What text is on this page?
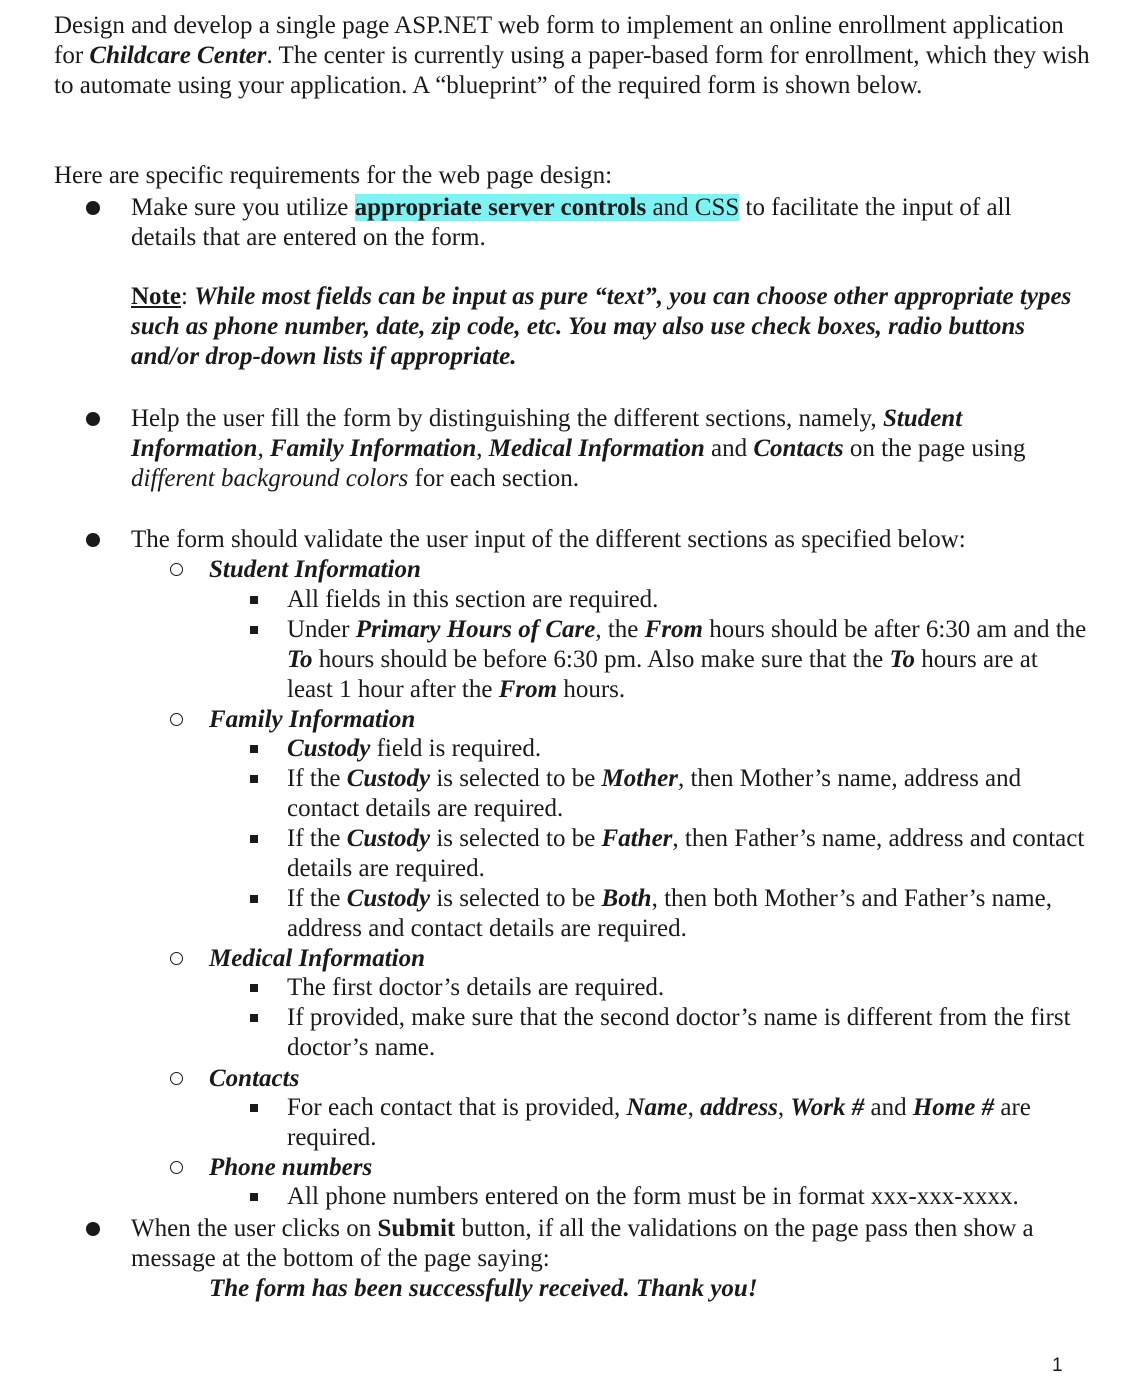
Design and develop a single page ASP.NET web form to implement an online enrollment application for Childcare Center. The center is currently using a paper-based form for enrollment, which they wish to automate using your application. A “blueprint” of the required form is shown below.

Here are specific requirements for the web page design:

Make sure you utilize appropriate server controls and CSS to facilitate the input of all details that are entered on the form.

Note: While most fields can be input as pure “text”, you can choose other appropriate types such as phone number, date, zip code, etc. You may also use check boxes, radio buttons and/or drop-down lists if appropriate.

Help the user fill the form by distinguishing the different sections, namely, Student Information, Family Information, Medical Information and Contacts on the page using different background colors for each section.

The form should validate the user input of the different sections as specified below:

Student Information

All fields in this section are required.

Under Primary Hours of Care, the From hours should be after 6:30 am and the To hours should be before 6:30 pm. Also make sure that the To hours are at least 1 hour after the From hours.

Family Information

Custody field is required.

If the Custody is selected to be Mother, then Mother’s name, address and contact details are required.

If the Custody is selected to be Father, then Father’s name, address and contact details are required.

If the Custody is selected to be Both, then both Mother’s and Father’s name, address and contact details are required.

Medical Information

The first doctor’s details are required.

If provided, make sure that the second doctor’s name is different from the first doctor’s name.

Contacts

For each contact that is provided, Name, address, Work # and Home # are required.

Phone numbers

All phone numbers entered on the form must be in format xxx-xxx-xxxx.

When the user clicks on Submit button, if all the validations on the page pass then show a message at the bottom of the page saying:

The form has been successfully received. Thank you!

1
